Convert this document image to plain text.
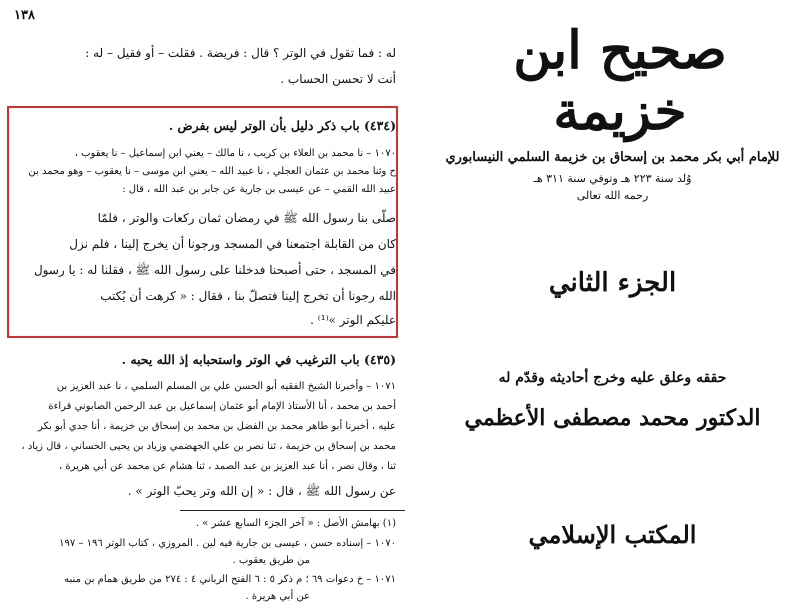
١٣٨
له : فما تقول في الوتر ؟ قال : فريضة . فقلت – أو فقيل – له :
أنت لا تحسن الحساب .
(٤٣٤) باب ذكر دليل بأن الوتر ليس بفرض .
١٠٧٠ – نا محمد بن العلاء بن كريب ، نا مالك – يعني ابن إسماعيل – نا يعقوب ،
ح وثنا محمد بن عثمان العجلي ، نا عبيد الله – يعني ابن موسى – نا يعقوب – وهو محمد بن
عبيد الله القمي – عن عيسى بن جارية عن جابر بن عبد الله ، قال :
صلّى بنا رسول الله ﷺ في رمضان ثمان ركعات والوتر ، فلمّا
كان من القابلة اجتمعنا في المسجد ورجونا أن يخرج إلينا ، فلم نزل
في المسجد ، حتى أصبحنا فدخلنا على رسول الله ﷺ ، فقلنا له : يا رسول
الله رجونا أن تخرج إلينا فتصلّ بنا ، فقال : « كرهت أن يُكتب
عليكم الوتر »⁽¹⁾ .
(٤٣٥) باب الترغيب في الوتر واستحبابه إذ الله يحبه .
١٠٧١ – وأخبرنا الشيخ الفقيه أبو الحسن علي بن المسلم السلمي ، نا عبد العزيز بن
أحمد بن محمد ، أنا الأستاذ الإمام أبو عثمان إسماعيل بن عبد الرحمن الصابوني قراءة
عليه ، أخبرنا أبو طاهر محمد بن الفضل بن محمد بن إسحاق بن خزيمة ، أنا جدي أبو بكر
محمد بن إسحاق بن خزيمة ، ثنا نصر بن علي الجهضمي وزياد بن يحيى الحساني ، قال زياد ،
ثنا ، وقال نصر ، أنا عبد العزيز بن عبد الصمد ، ثنا هشام عن محمد عن أبي هريرة ،
عن رسول الله ﷺ ، قال : « إن الله وتر يحبّ الوتر » .
(١) بهامش الأصل : « آخر الجزء السابع عشر » .
١٠٧٠ – إسناده حسن ، عيسى بن جارية فيه لين . المروزي ، كتاب الوتر ١٩٦ – ١٩٧
من طريق يعقوب .
١٠٧١ – خ دعوات ٦٩ ؛ م ذكر ٥ : ٦ الفتح الرباني ٤ : ٢٧٤ من طريق همام بن منبه
عن أبي هريرة .
صحيح ابن خزيمة
للإمام أبي بكر محمد بن إسحاق بن خزيمة السلمي النيسابوري
وُلد سنة ٢٢٣ هـ وتوفي سنة ٣١١ هـ
رحمه الله تعالى
الجزء الثاني
حققه وعلق عليه وخرج أحاديثه وقدّم له
الدكتور محمد مصطفى الأعظمي
المكتب الإسلامي
